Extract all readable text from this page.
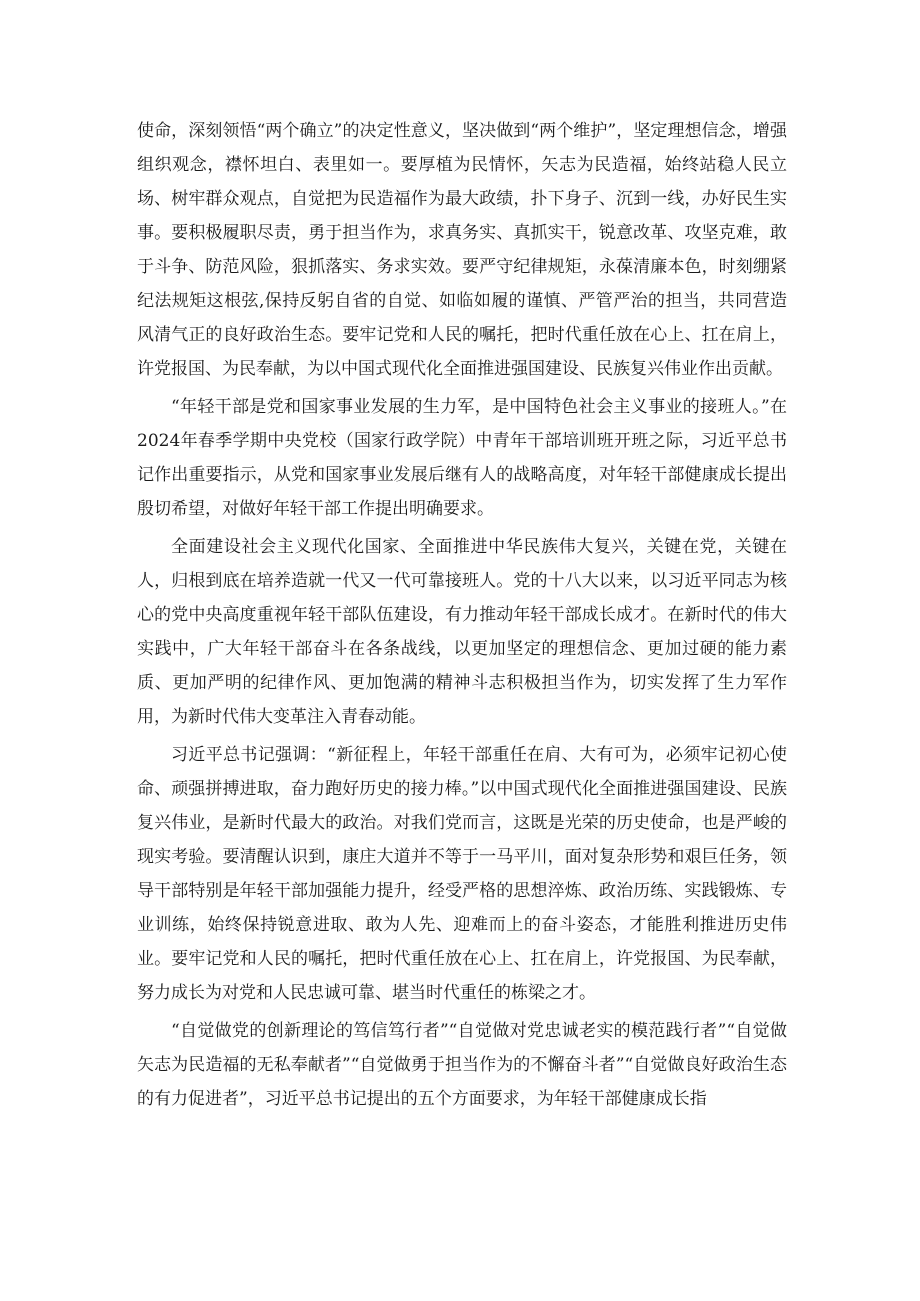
使命，深刻领悟“两个确立”的决定性意义，坚决做到“两个维护”，坚定理想信念，增强组织观念，襟怀坦白、表里如一。要厚植为民情怀，矢志为民造福，始终站稳人民立场、树牢群众观点，自觉把为民造福作为最大政绩，扑下身子、沉到一线，办好民生实事。要积极履职尽责，勇于担当作为，求真务实、真抓实干，锐意改革、攻坚克难，敢于斗争、防范风险，狠抓落实、务求实效。要严守纪律规矩，永葆清廉本色，时刻绷紧纪法规矩这根弦,保持反躬自省的自觉、如临如履的谨慎、严管严治的担当，共同营造风清气正的良好政治生态。要牢记党和人民的嘱托，把时代重任放在心上、扛在肩上，许党报国、为民奉献，为以中国式现代化全面推进强国建设、民族复兴伟业作出贡献。

“年轻干部是党和国家事业发展的生力军，是中国特色社会主义事业的接班人。”在2024年春季学期中央党校（国家行政学院）中青年干部培训班开班之际，习近平总书记作出重要指示，从党和国家事业发展后继有人的战略高度，对年轻干部健康成长提出殷切希望，对做好年轻干部工作提出明确要求。

全面建设社会主义现代化国家、全面推进中华民族伟大复兴，关键在党，关键在人，归根到底在培养造就一代又一代可靠接班人。党的十八大以来，以习近平同志为核心的党中央高度重视年轻干部队伍建设，有力推动年轻干部成长成才。在新时代的伟大实践中，广大年轻干部奋斗在各条战线，以更加坚定的理想信念、更加过硬的能力素质、更加严明的纪律作风、更加饱满的精神斗志积极担当作为，切实发挥了生力军作用，为新时代伟大变革注入青春动能。

习近平总书记强调：“新征程上，年轻干部重任在肩、大有可为，必须牢记初心使命、顽强拼搏进取，奋力跑好历史的接力棒。”以中国式现代化全面推进强国建设、民族复兴伟业，是新时代最大的政治。对我们党而言，这既是光荣的历史使命，也是严峻的现实考验。要清醒认识到，康庄大道并不等于一马平川，面对复杂形势和艰巨任务，领导干部特别是年轻干部加强能力提升，经受严格的思想淬炼、政治历练、实践锻炼、专业训练，始终保持锐意进取、敢为人先、迎难而上的奋斗姿态，才能胜利推进历史伟业。要牢记党和人民的嘱托，把时代重任放在心上、扛在肩上，许党报国、为民奉献，努力成长为对党和人民忠诚可靠、堪当时代重任的栋梁之才。

“自觉做党的创新理论的笃信笃行者”“自觉做对党忠诚老实的模范践行者”“自觉做矢志为民造福的无私奉献者”“自觉做勇于担当作为的不懈奋斗者”“自觉做良好政治生态的有力促进者”，习近平总书记提出的五个方面要求，为年轻干部健康成长指
